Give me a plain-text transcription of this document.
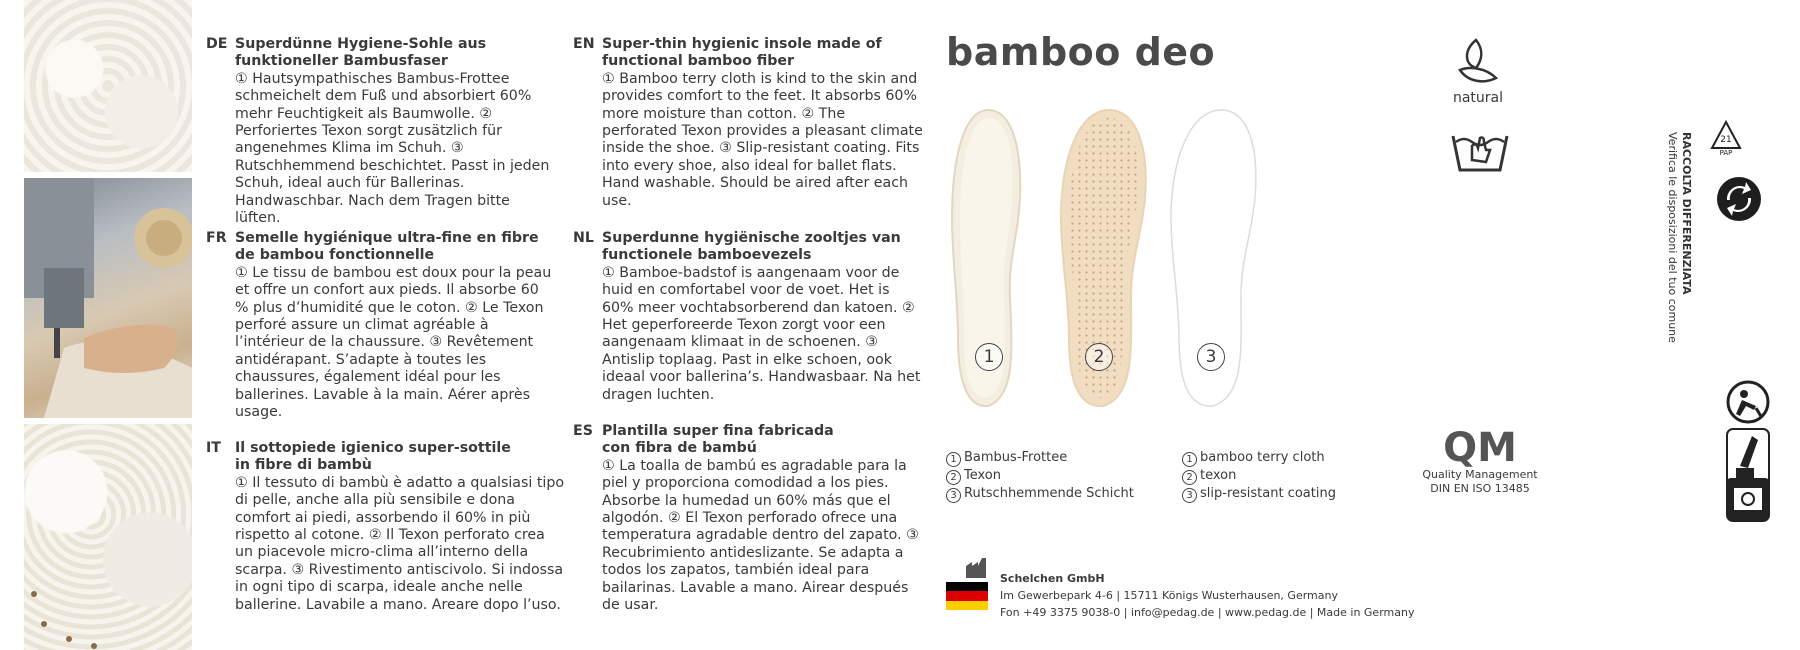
DE Superdünne Hygiene-Sohle aus
funktioneller Bambusfaser
① Hautsympathisches Bambus-Frottee schmeichelt dem Fuß und absorbiert 60% mehr Feuchtigkeit als Baumwolle. ② Perforiertes Texon sorgt zusätzlich für angenehmes Klima im Schuh. ③ Rutschhemmend beschichtet. Passt in jeden Schuh, ideal auch für Ballerinas. Handwaschbar. Nach dem Tragen bitte lüften.
FR Semelle hygiénique ultra-fine en fibre
de bambou fonctionnelle
① Le tissu de bambou est doux pour la peau et offre un confort aux pieds. Il absorbe 60 % plus d’humidité que le coton. ② Le Texon perforé assure un climat agréable à l’intérieur de la chaussure. ③ Revêtement antidérapant. S’adapte à toutes les chaussures, également idéal pour les ballerines. Lavable à la main. Aérer après usage.
IT Il sottopiede igienico super-sottile
in fibre di bambù
① Il tessuto di bambù è adatto a qualsiasi tipo di pelle, anche alla più sensibile e dona comfort ai piedi, assorbendo il 60% in più rispetto al cotone. ② Il Texon perforato crea un piacevole micro-clima all’interno della scarpa. ③ Rivestimento antiscivolo. Si indossa in ogni tipo di scarpa, ideale anche nelle ballerine. Lavabile a mano. Areare dopo l’uso.
EN Super-thin hygienic insole made of
functional bamboo fiber
① Bamboo terry cloth is kind to the skin and provides comfort to the feet. It absorbs 60% more moisture than cotton. ② The perforated Texon provides a pleasant climate inside the shoe. ③ Slip-resistant coating. Fits into every shoe, also ideal for ballet flats. Hand washable. Should be aired after each use.
NL Superdunne hygiënische zooltjes van
functionele bamboevezels
① Bamboe-badstof is aangenaam voor de huid en comfortabel voor de voet. Het is 60% meer vochtabsorberend dan katoen. ② Het geperforeerde Texon zorgt voor een aangenaam klimaat in de schoenen. ③ Antislip toplaag. Past in elke schoen, ook ideaal voor ballerina’s. Handwasbaar. Na het dragen luchten.
ES Plantilla super fina fabricada
con fibra de bambú
① La toalla de bambú es agradable para la piel y proporciona comodidad a los pies. Absorbe la humedad un 60% más que el algodón. ② El Texon perforado ofrece una temperatura agradable dentro del zapato. ③ Recubrimiento antideslizante. Se adapta a todos los zapatos, también ideal para bailarinas. Lavable a mano. Airear después de usar.
bamboo deo
1	2	3
1 Bambus-Frottee
2 Texon
3 Rutschhemmende Schicht
1 bamboo terry cloth
2 texon
3 slip-resistant coating
natural
QM
Quality Management
DIN EN ISO 13485
Schelchen GmbH
Im Gewerbepark 4-6 | 15711 Königs Wusterhausen, Germany
Fon +49 3375 9038-0 | info@pedag.de | www.pedag.de | Made in Germany
21
PAP
RACCOLTA DIFFERENZIATA
Verifica le disposizioni del tuo comune
